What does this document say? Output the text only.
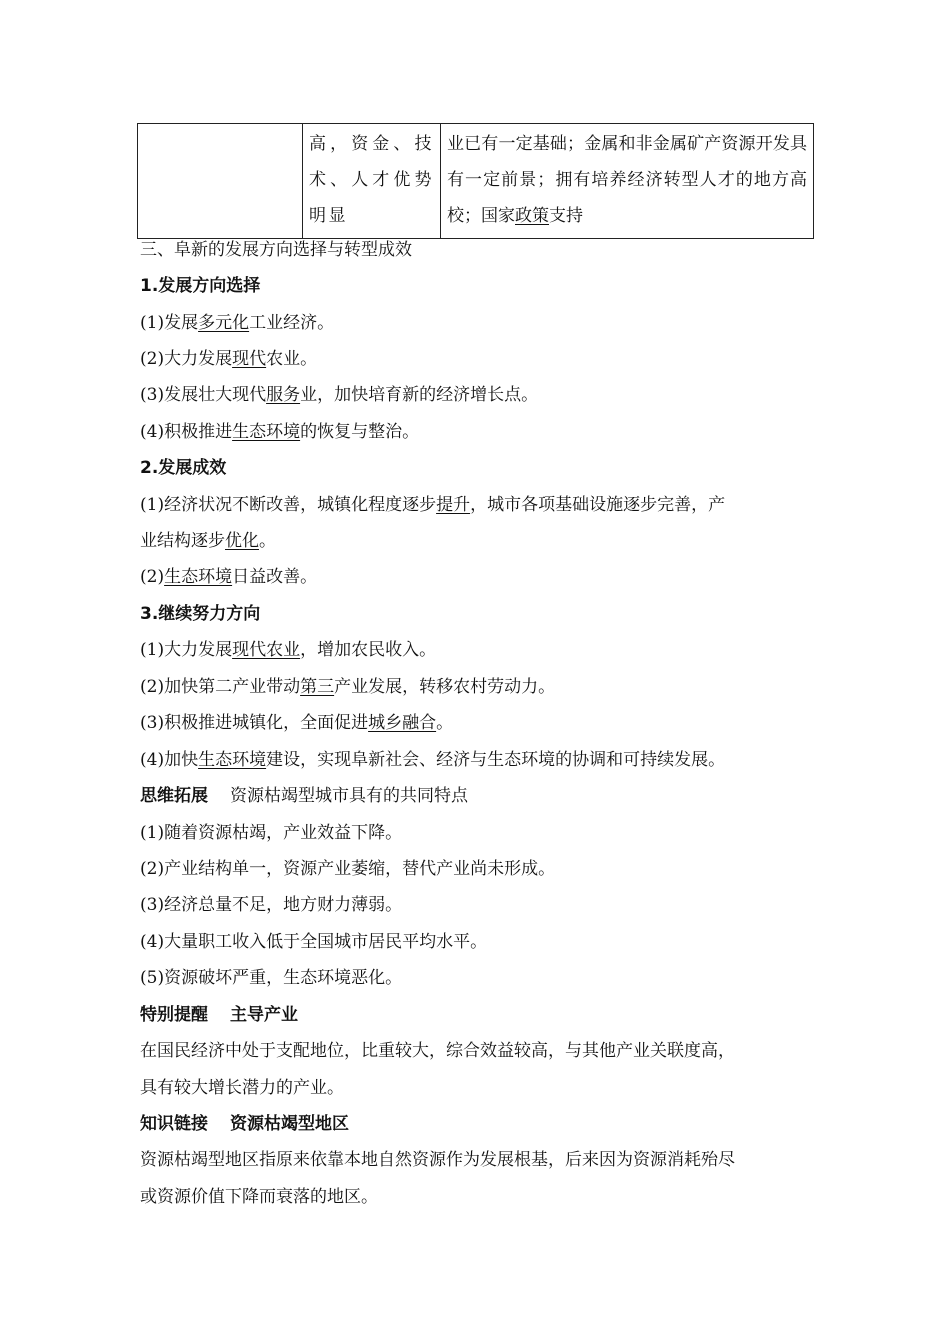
	高，资金、技术、人才优势明显	业已有一定基础；金属和非金属矿产资源开发具有一定前景；拥有培养经济转型人才的地方高校；国家政策支持
三、阜新的发展方向选择与转型成效
1.发展方向选择
(1)发展多元化工业经济。
(2)大力发展现代农业。
(3)发展壮大现代服务业，加快培育新的经济增长点。
(4)积极推进生态环境的恢复与整治。
2.发展成效
(1)经济状况不断改善，城镇化程度逐步提升，城市各项基础设施逐步完善，产
业结构逐步优化。
(2)生态环境日益改善。
3.继续努力方向
(1)大力发展现代农业，增加农民收入。
(2)加快第二产业带动第三产业发展，转移农村劳动力。
(3)积极推进城镇化，全面促进城乡融合。
(4)加快生态环境建设，实现阜新社会、经济与生态环境的协调和可持续发展。
思维拓展 资源枯竭型城市具有的共同特点
(1)随着资源枯竭，产业效益下降。
(2)产业结构单一，资源产业萎缩，替代产业尚未形成。
(3)经济总量不足，地方财力薄弱。
(4)大量职工收入低于全国城市居民平均水平。
(5)资源破坏严重，生态环境恶化。
特别提醒 主导产业
在国民经济中处于支配地位，比重较大，综合效益较高，与其他产业关联度高，
具有较大增长潜力的产业。
知识链接 资源枯竭型地区
资源枯竭型地区指原来依靠本地自然资源作为发展根基，后来因为资源消耗殆尽
或资源价值下降而衰落的地区。
